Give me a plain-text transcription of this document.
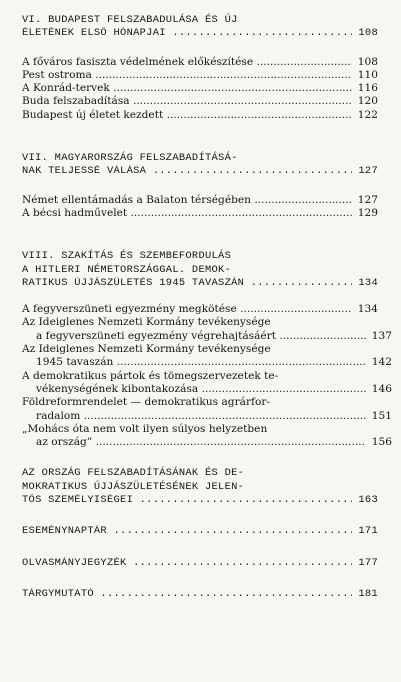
VI. BUDAPEST FELSZABADULÁSA ÉS ÚJ
ÉLETÉNEK ELSŐ HÓNAPJAI .....	108
A főváros fasiszta védelmének előkészítése .....	108
Pest ostroma .....	110
A Konrád-tervek .....	116
Buda felszabadítása .....	120
Budapest új életet kezdett .....	122
VII. MAGYARORSZÁG FELSZABADÍTÁSÁ-
NAK TELJESSÉ VÁLÁSA .....	127
Német ellentámadás a Balaton térségében .....	127
A bécsi hadművelet .....	129
VIII. SZAKÍTÁS ÉS SZEMBEFORDULÁS
A HITLERI NÉMETORSZÁGGAL. DEMOK-
RATIKUS ÚJJÁSZÜLETÉS 1945 TAVASZÁN .....	134
A fegyverszüneti egyezmény megkötése .....	134
Az Ideiglenes Nemzeti Kormány tevékenysége
a fegyverszüneti egyezmény végrehajtásáért .....	137
Az Ideiglenes Nemzeti Kormány tevékenysége
1945 tavaszán .....	142
A demokratikus pártok és tömegszervezetek te-
vékenységének kibontakozása .....	146
Földreformrendelet — demokratikus agrárfor-
radalom .....	151
„Mohács óta nem volt ilyen súlyos helyzetben
az ország” .....	156
AZ ORSZÁG FELSZABADÍTÁSÁNAK ÉS DE-
MOKRATIKUS ÚJJÁSZÜLETÉSÉNEK JELEN-
TŐS SZEMÉLYISÉGEI .....	163
ESEMÉNYNAPTÁR .....	171
OLVASMÁNYJEGYZÉK .....	177
TÁRGYMUTATÓ .....	181
